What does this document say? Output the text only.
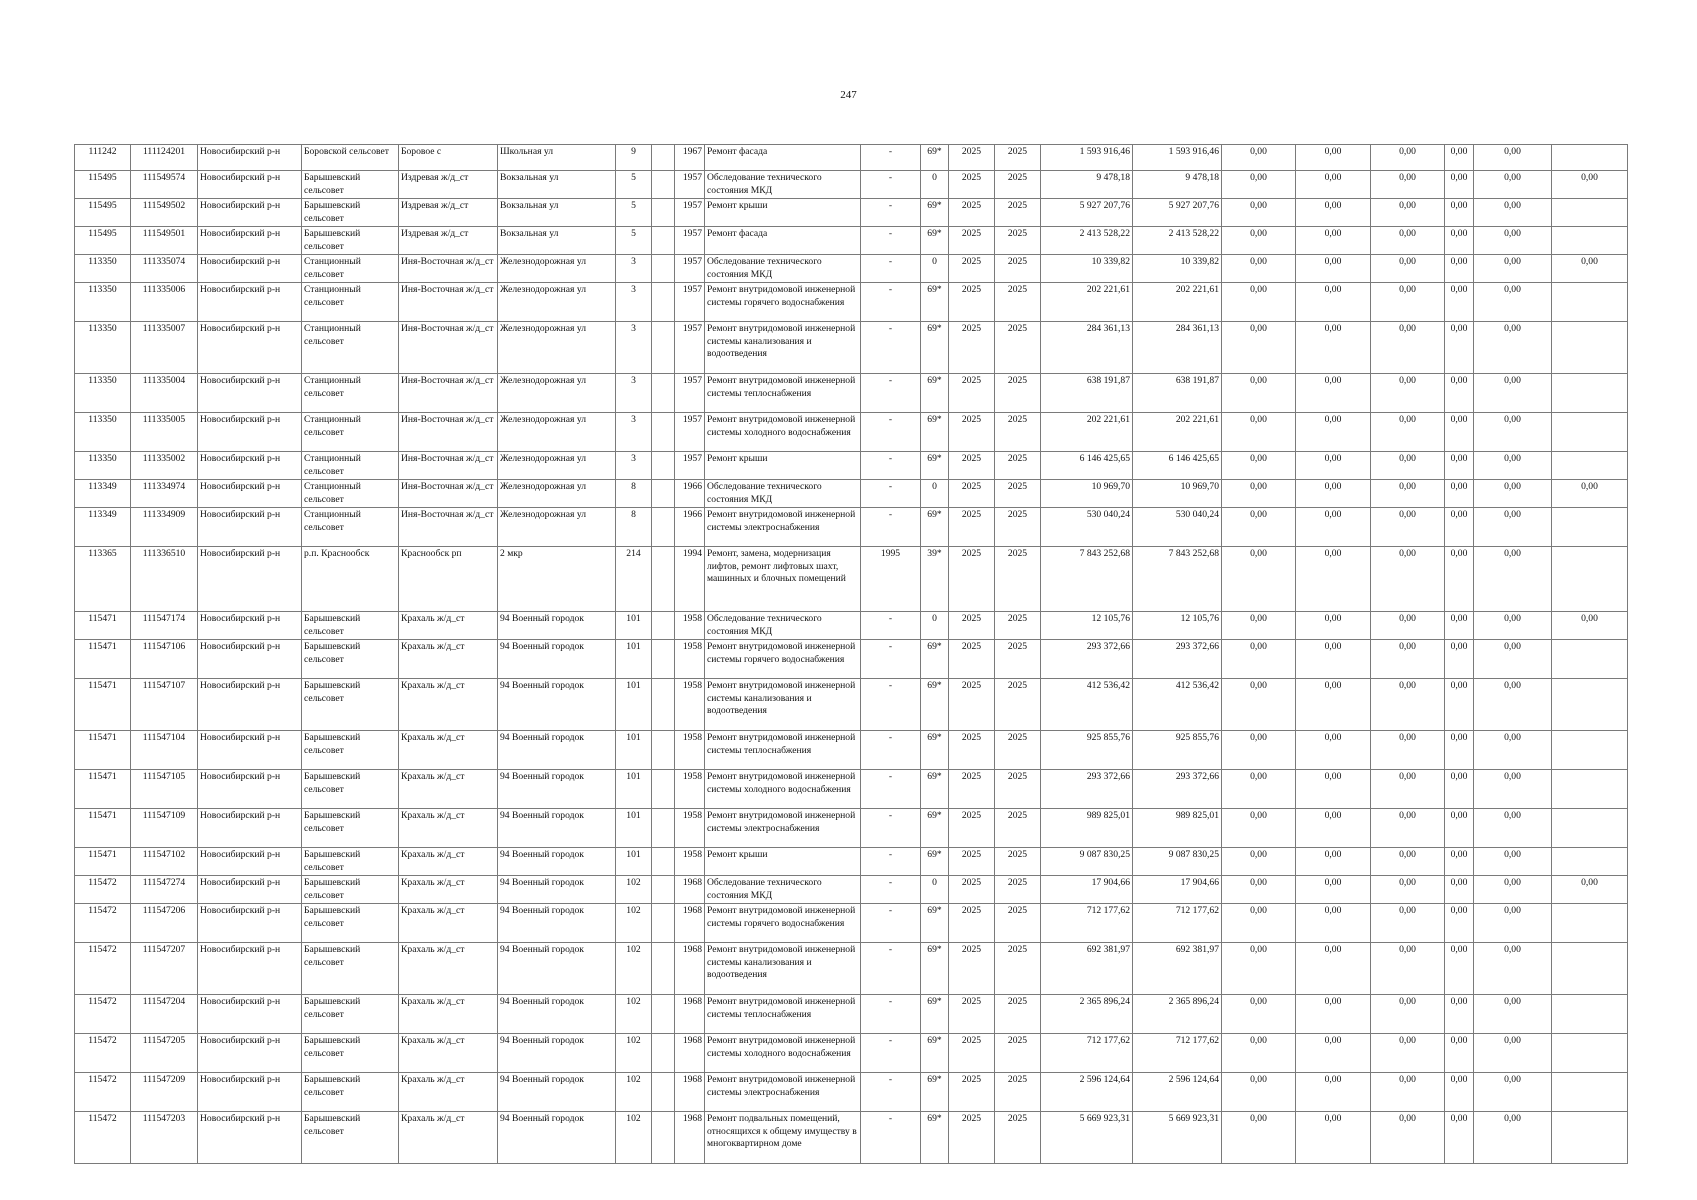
247
111242	111124201	Новосибирский р-н	Боровской сельсовет	Боровое с	Школьная ул	9		1967	Ремонт фасада	-	69*	2025	2025	1 593 916,46	1 593 916,46	0,00	0,00	0,00	0,00	0,00	
115495	111549574	Новосибирский р-н	Барышевский сельсовет	Издревая ж/д_ст	Вокзальная ул	5		1957	Обследование технического состояния МКД	-	0	2025	2025	9 478,18	9 478,18	0,00	0,00	0,00	0,00	0,00	0,00
115495	111549502	Новосибирский р-н	Барышевский сельсовет	Издревая ж/д_ст	Вокзальная ул	5		1957	Ремонт крыши	-	69*	2025	2025	5 927 207,76	5 927 207,76	0,00	0,00	0,00	0,00	0,00	
115495	111549501	Новосибирский р-н	Барышевский сельсовет	Издревая ж/д_ст	Вокзальная ул	5		1957	Ремонт фасада	-	69*	2025	2025	2 413 528,22	2 413 528,22	0,00	0,00	0,00	0,00	0,00	
113350	111335074	Новосибирский р-н	Станционный сельсовет	Иня-Восточная ж/д_ст	Железнодорожная ул	3		1957	Обследование технического состояния МКД	-	0	2025	2025	10 339,82	10 339,82	0,00	0,00	0,00	0,00	0,00	0,00
113350	111335006	Новосибирский р-н	Станционный сельсовет	Иня-Восточная ж/д_ст	Железнодорожная ул	3		1957	Ремонт внутридомовой инженерной системы горячего водоснабжения	-	69*	2025	2025	202 221,61	202 221,61	0,00	0,00	0,00	0,00	0,00	
113350	111335007	Новосибирский р-н	Станционный сельсовет	Иня-Восточная ж/д_ст	Железнодорожная ул	3		1957	Ремонт внутридомовой инженерной системы канализования и водоотведения	-	69*	2025	2025	284 361,13	284 361,13	0,00	0,00	0,00	0,00	0,00	
113350	111335004	Новосибирский р-н	Станционный сельсовет	Иня-Восточная ж/д_ст	Железнодорожная ул	3		1957	Ремонт внутридомовой инженерной системы теплоснабжения	-	69*	2025	2025	638 191,87	638 191,87	0,00	0,00	0,00	0,00	0,00	
113350	111335005	Новосибирский р-н	Станционный сельсовет	Иня-Восточная ж/д_ст	Железнодорожная ул	3		1957	Ремонт внутридомовой инженерной системы холодного водоснабжения	-	69*	2025	2025	202 221,61	202 221,61	0,00	0,00	0,00	0,00	0,00	
113350	111335002	Новосибирский р-н	Станционный сельсовет	Иня-Восточная ж/д_ст	Железнодорожная ул	3		1957	Ремонт крыши	-	69*	2025	2025	6 146 425,65	6 146 425,65	0,00	0,00	0,00	0,00	0,00	
113349	111334974	Новосибирский р-н	Станционный сельсовет	Иня-Восточная ж/д_ст	Железнодорожная ул	8		1966	Обследование технического состояния МКД	-	0	2025	2025	10 969,70	10 969,70	0,00	0,00	0,00	0,00	0,00	0,00
113349	111334909	Новосибирский р-н	Станционный сельсовет	Иня-Восточная ж/д_ст	Железнодорожная ул	8		1966	Ремонт внутридомовой инженерной системы электроснабжения	-	69*	2025	2025	530 040,24	530 040,24	0,00	0,00	0,00	0,00	0,00	
113365	111336510	Новосибирский р-н	р.п. Краснообск	Краснообск рп	2 мкр	214		1994	Ремонт, замена, модернизация лифтов, ремонт лифтовых шахт, машинных и блочных помещений	1995	39*	2025	2025	7 843 252,68	7 843 252,68	0,00	0,00	0,00	0,00	0,00	
115471	111547174	Новосибирский р-н	Барышевский сельсовет	Крахаль ж/д_ст	94 Военный городок	101		1958	Обследование технического состояния МКД	-	0	2025	2025	12 105,76	12 105,76	0,00	0,00	0,00	0,00	0,00	0,00
115471	111547106	Новосибирский р-н	Барышевский сельсовет	Крахаль ж/д_ст	94 Военный городок	101		1958	Ремонт внутридомовой инженерной системы горячего водоснабжения	-	69*	2025	2025	293 372,66	293 372,66	0,00	0,00	0,00	0,00	0,00	
115471	111547107	Новосибирский р-н	Барышевский сельсовет	Крахаль ж/д_ст	94 Военный городок	101		1958	Ремонт внутридомовой инженерной системы канализования и водоотведения	-	69*	2025	2025	412 536,42	412 536,42	0,00	0,00	0,00	0,00	0,00	
115471	111547104	Новосибирский р-н	Барышевский сельсовет	Крахаль ж/д_ст	94 Военный городок	101		1958	Ремонт внутридомовой инженерной системы теплоснабжения	-	69*	2025	2025	925 855,76	925 855,76	0,00	0,00	0,00	0,00	0,00	
115471	111547105	Новосибирский р-н	Барышевский сельсовет	Крахаль ж/д_ст	94 Военный городок	101		1958	Ремонт внутридомовой инженерной системы холодного водоснабжения	-	69*	2025	2025	293 372,66	293 372,66	0,00	0,00	0,00	0,00	0,00	
115471	111547109	Новосибирский р-н	Барышевский сельсовет	Крахаль ж/д_ст	94 Военный городок	101		1958	Ремонт внутридомовой инженерной системы электроснабжения	-	69*	2025	2025	989 825,01	989 825,01	0,00	0,00	0,00	0,00	0,00	
115471	111547102	Новосибирский р-н	Барышевский сельсовет	Крахаль ж/д_ст	94 Военный городок	101		1958	Ремонт крыши	-	69*	2025	2025	9 087 830,25	9 087 830,25	0,00	0,00	0,00	0,00	0,00	
115472	111547274	Новосибирский р-н	Барышевский сельсовет	Крахаль ж/д_ст	94 Военный городок	102		1968	Обследование технического состояния МКД	-	0	2025	2025	17 904,66	17 904,66	0,00	0,00	0,00	0,00	0,00	0,00
115472	111547206	Новосибирский р-н	Барышевский сельсовет	Крахаль ж/д_ст	94 Военный городок	102		1968	Ремонт внутридомовой инженерной системы горячего водоснабжения	-	69*	2025	2025	712 177,62	712 177,62	0,00	0,00	0,00	0,00	0,00	
115472	111547207	Новосибирский р-н	Барышевский сельсовет	Крахаль ж/д_ст	94 Военный городок	102		1968	Ремонт внутридомовой инженерной системы канализования и водоотведения	-	69*	2025	2025	692 381,97	692 381,97	0,00	0,00	0,00	0,00	0,00	
115472	111547204	Новосибирский р-н	Барышевский сельсовет	Крахаль ж/д_ст	94 Военный городок	102		1968	Ремонт внутридомовой инженерной системы теплоснабжения	-	69*	2025	2025	2 365 896,24	2 365 896,24	0,00	0,00	0,00	0,00	0,00	
115472	111547205	Новосибирский р-н	Барышевский сельсовет	Крахаль ж/д_ст	94 Военный городок	102		1968	Ремонт внутридомовой инженерной системы холодного водоснабжения	-	69*	2025	2025	712 177,62	712 177,62	0,00	0,00	0,00	0,00	0,00	
115472	111547209	Новосибирский р-н	Барышевский сельсовет	Крахаль ж/д_ст	94 Военный городок	102		1968	Ремонт внутридомовой инженерной системы электроснабжения	-	69*	2025	2025	2 596 124,64	2 596 124,64	0,00	0,00	0,00	0,00	0,00	
115472	111547203	Новосибирский р-н	Барышевский сельсовет	Крахаль ж/д_ст	94 Военный городок	102		1968	Ремонт подвальных помещений, относящихся к общему имуществу в многоквартирном доме	-	69*	2025	2025	5 669 923,31	5 669 923,31	0,00	0,00	0,00	0,00	0,00	
